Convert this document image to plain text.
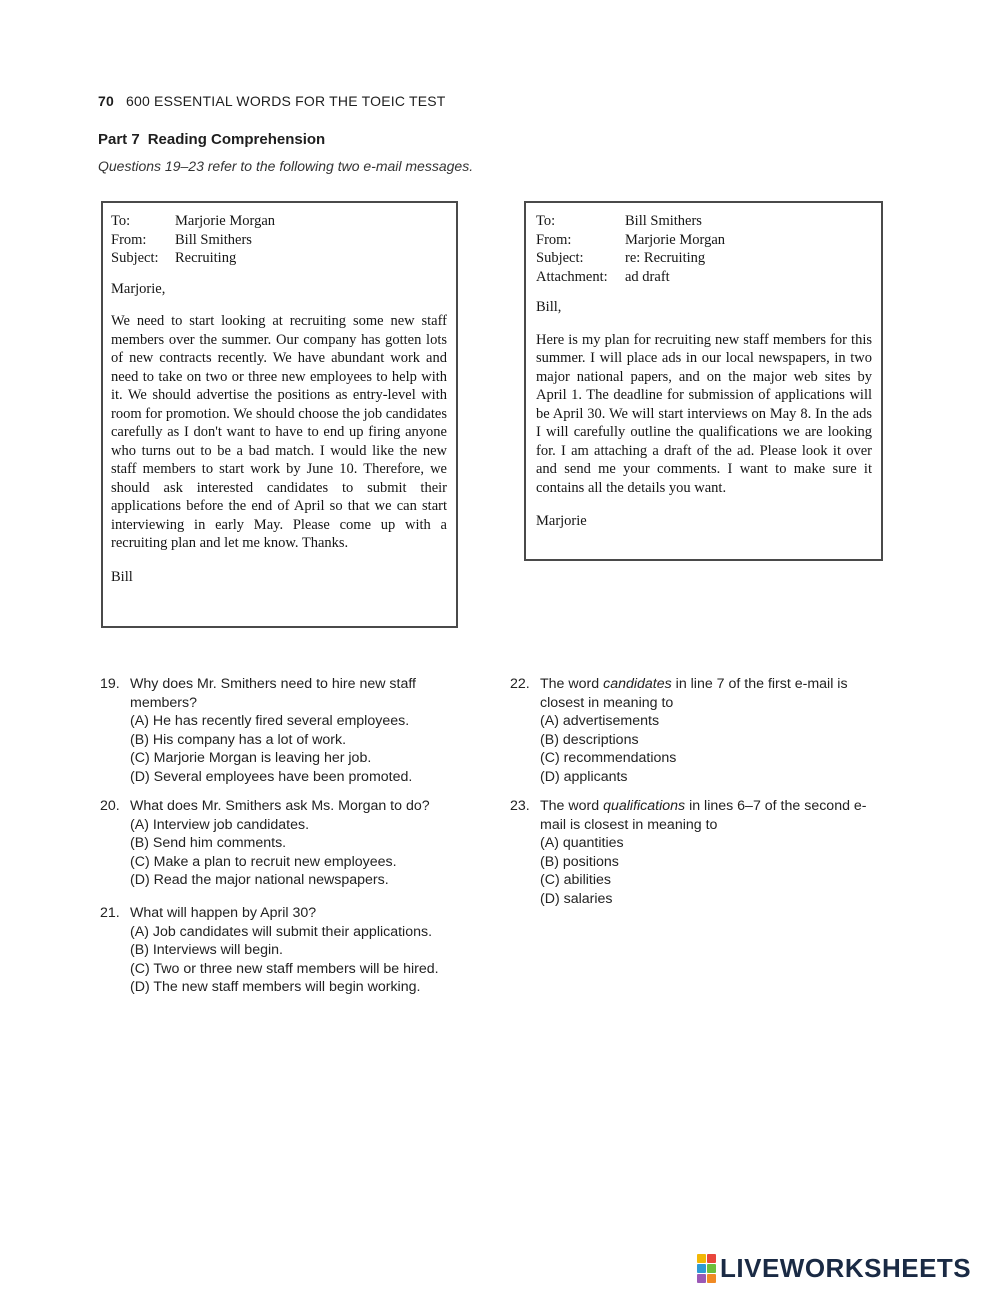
70 600 ESSENTIAL WORDS FOR THE TOEIC TEST
Part 7 Reading Comprehension
Questions 19–23 refer to the following two e-mail messages.
To:	Marjorie Morgan
From:	Bill Smithers
Subject:	Recruiting
Marjorie,
We need to start looking at recruiting some new staff members over the summer. Our company has gotten lots of new contracts recently. We have abundant work and need to take on two or three new employees to help with it. We should advertise the positions as entry-level with room for promotion. We should choose the job candidates carefully as I don't want to have to end up firing anyone who turns out to be a bad match. I would like the new staff members to start work by June 10. Therefore, we should ask interested candidates to submit their applications before the end of April so that we can start interviewing in early May. Please come up with a recruiting plan and let me know. Thanks.
Bill
To:	Bill Smithers
From:	Marjorie Morgan
Subject:	re: Recruiting
Attachment:	ad draft
Bill,
Here is my plan for recruiting new staff members for this summer. I will place ads in our local newspapers, in two major national papers, and on the major web sites by April 1. The deadline for submission of applications will be April 30. We will start interviews on May 8. In the ads I will carefully outline the qualifications we are looking for. I am attaching a draft of the ad. Please look it over and send me your comments. I want to make sure it contains all the details you want.
Marjorie
19. Why does Mr. Smithers need to hire new staff members?
(A) He has recently fired several employees.
(B) His company has a lot of work.
(C) Marjorie Morgan is leaving her job.
(D) Several employees have been promoted.
20. What does Mr. Smithers ask Ms. Morgan to do?
(A) Interview job candidates.
(B) Send him comments.
(C) Make a plan to recruit new employees.
(D) Read the major national newspapers.
21. What will happen by April 30?
(A) Job candidates will submit their applications.
(B) Interviews will begin.
(C) Two or three new staff members will be hired.
(D) The new staff members will begin working.
22. The word candidates in line 7 of the first e-mail is closest in meaning to
(A) advertisements
(B) descriptions
(C) recommendations
(D) applicants
23. The word qualifications in lines 6–7 of the second e-mail is closest in meaning to
(A) quantities
(B) positions
(C) abilities
(D) salaries
LIVEWORKSHEETS
